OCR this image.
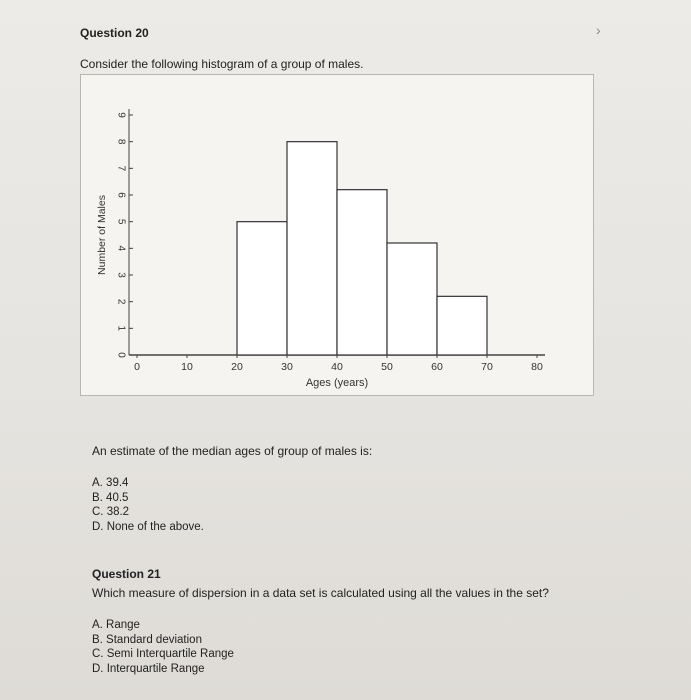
Question 20	›
Consider the following histogram of a group of males.
0
1
2
3
4
5
6
7
8
9
0	10	20	30	40	50	60	70	80
Ages (years)
Number of Males
An estimate of the median ages of group of males is:
A. 39.4
B. 40.5
C. 38.2
D. None of the above.
Question 21
Which measure of dispersion in a data set is calculated using all the values in the set?
A. Range
B. Standard deviation
C. Semi Interquartile Range
D. Interquartile Range
